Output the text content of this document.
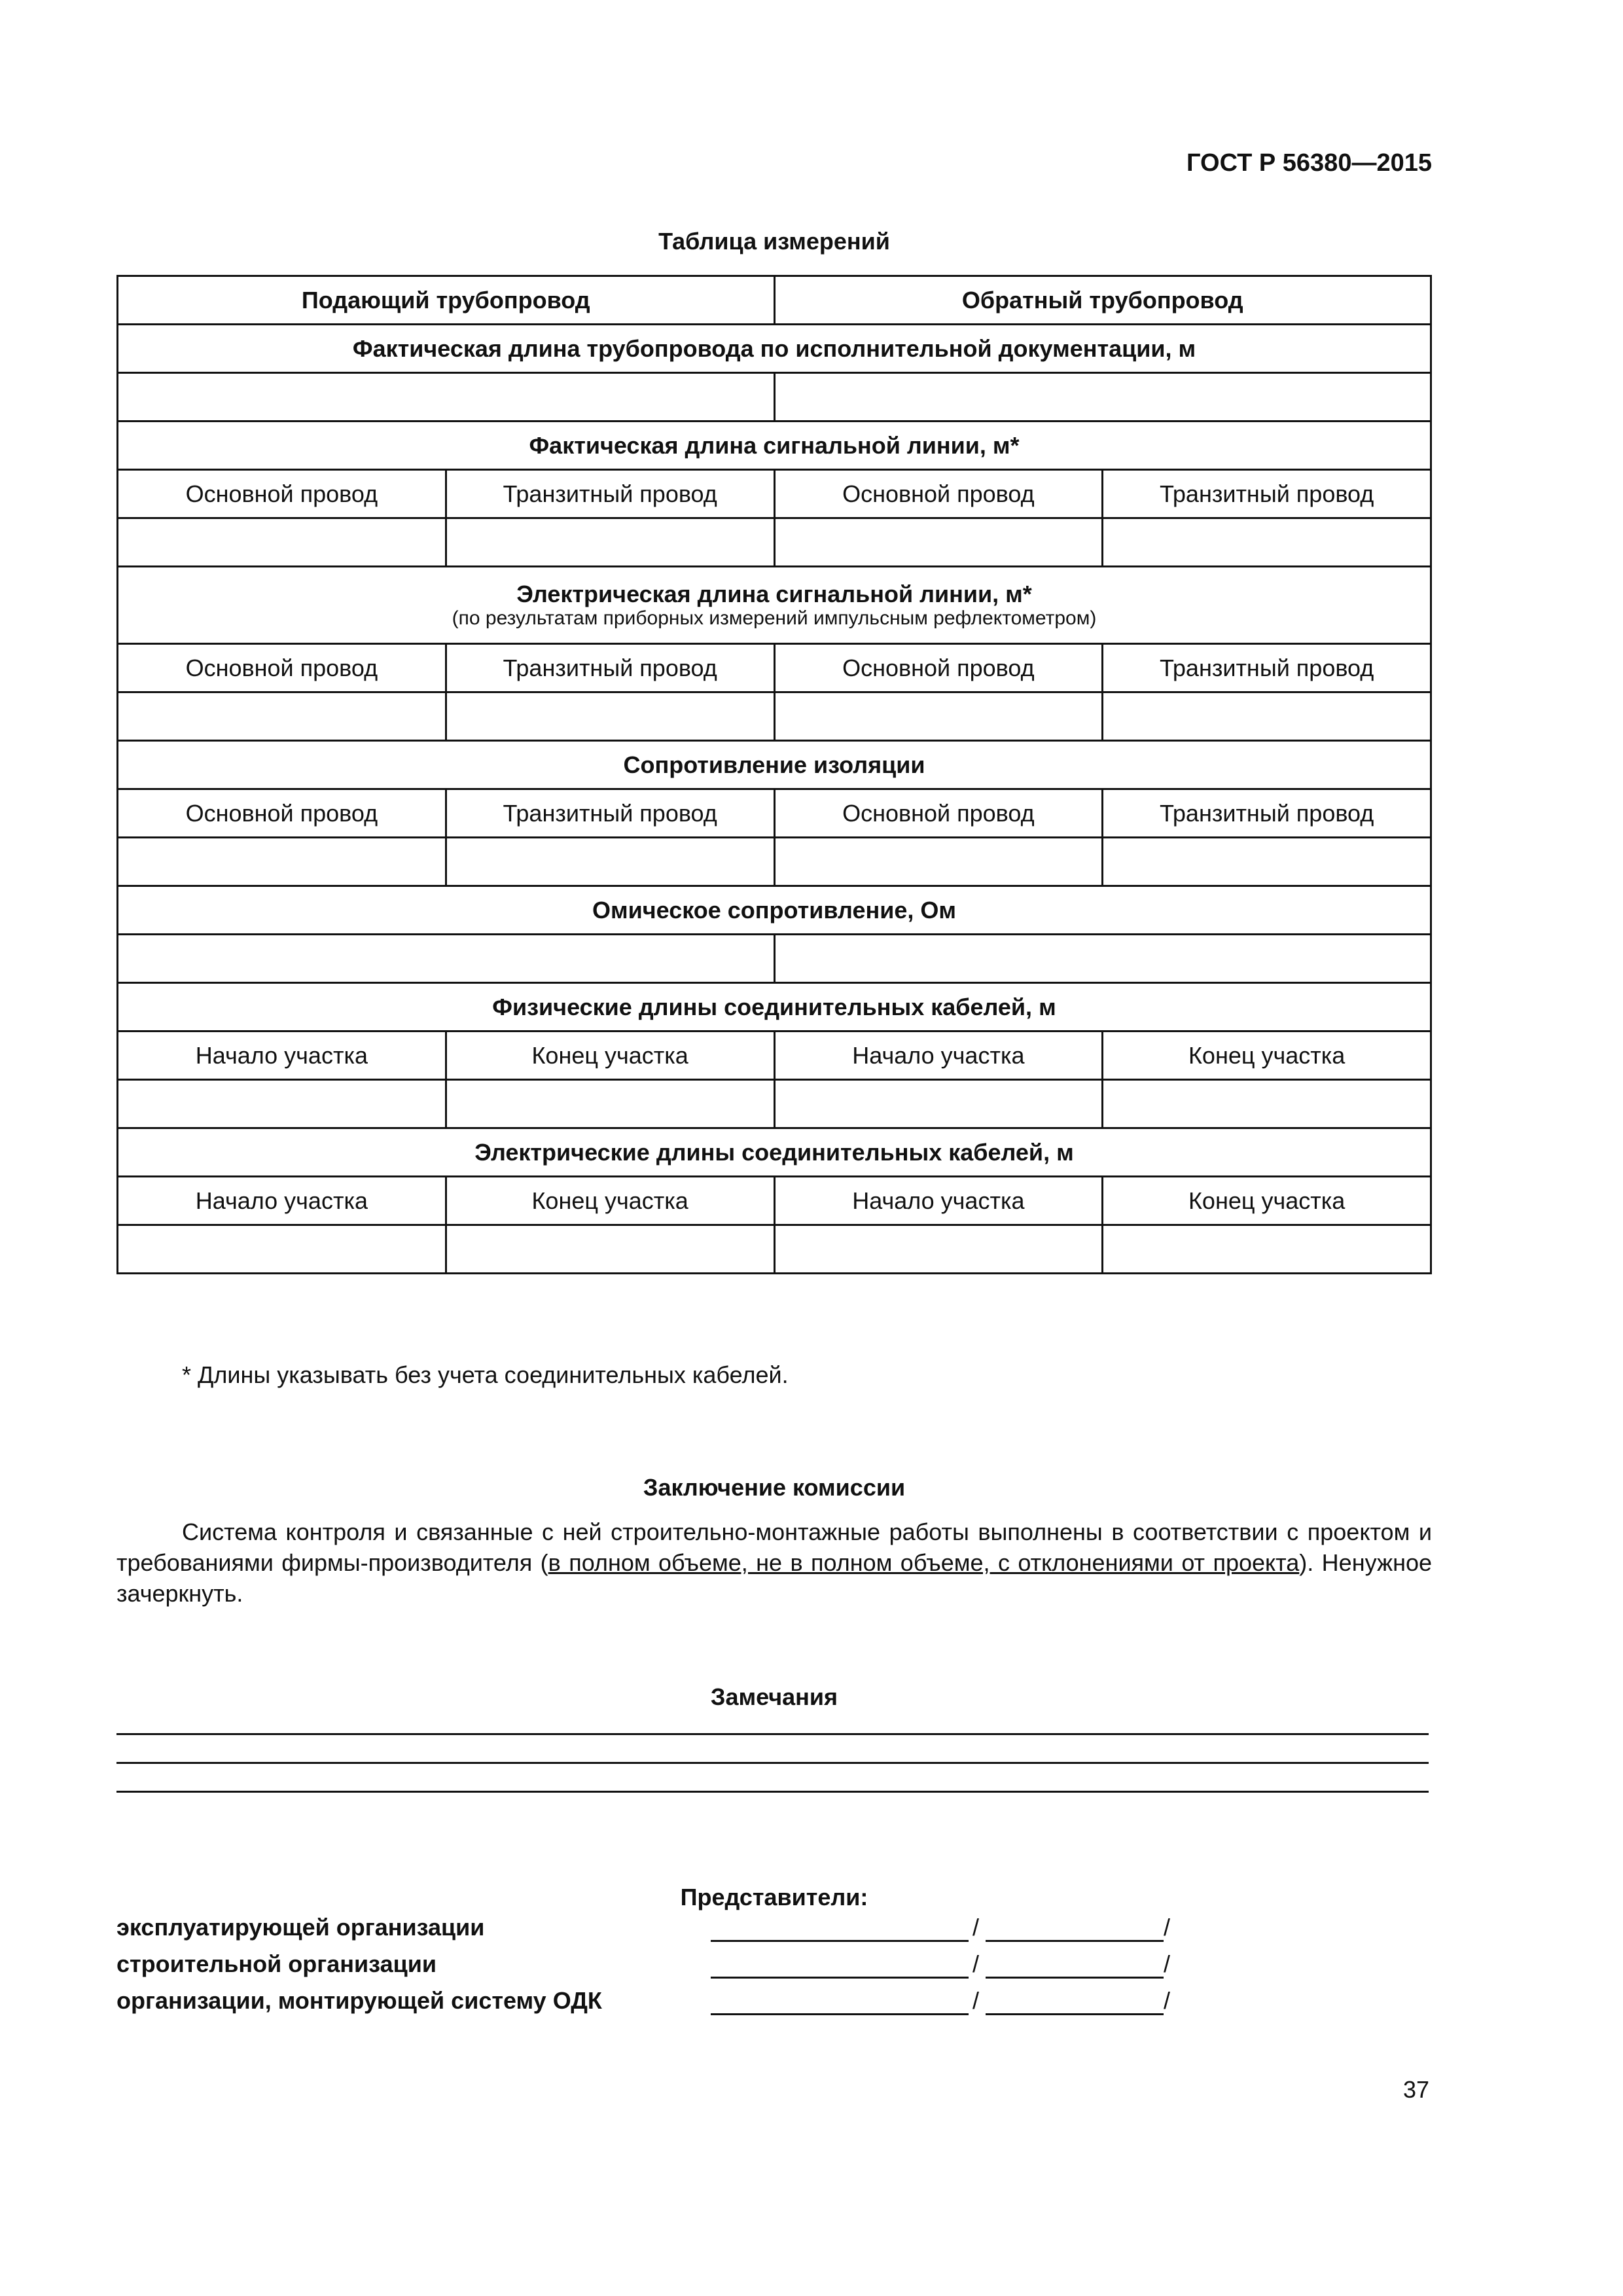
ГОСТ Р 56380—2015
Таблица измерений
Подающий трубопровод		Обратный трубопровод	
Фактическая длина трубопровода по исполнительной документации, м			

Фактическая длина сигнальной линии, м*			
Основной провод	Транзитный провод	Основной провод	Транзитный провод

Электрическая длина сигнальной линии, м*
(по результатам приборных измерений импульсным рефлектометром)			

Основной провод	Транзитный провод	Основной провод	Транзитный провод

Сопротивление изоляции			
Основной провод	Транзитный провод	Основной провод	Транзитный провод

Омическое сопротивление, Ом			

Физические длины соединительных кабелей, м			
Начало участка	Конец участка	Начало участка	Конец участка

Электрические длины соединительных кабелей, м			
Начало участка	Конец участка	Начало участка	Конец участка

* Длины указывать без учета соединительных кабелей.
Заключение комиссии
Система контроля и связанные с ней строительно-монтажные работы выполнены в соответствии с проектом и требованиями фирмы-производителя (в полном объеме, не в полном объеме, с отклонениями от проекта). Ненужное зачеркнуть.
Замечания
Представители:
эксплуатирующей организации	/	/
строительной организации	/	/
организации, монтирующей систему ОДК	/	/
37
